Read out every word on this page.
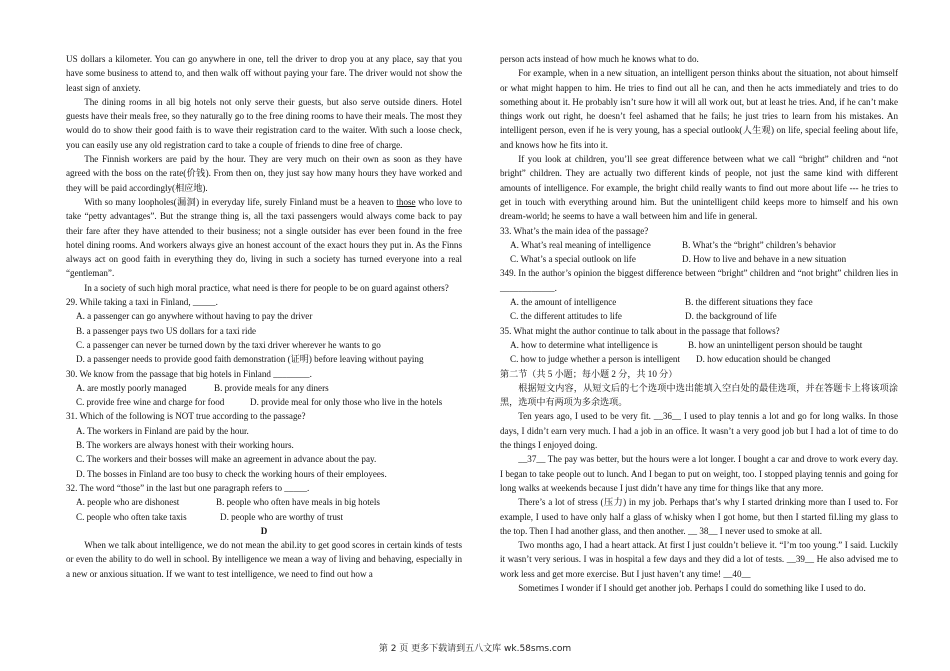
US dollars a kilometer. You can go anywhere in one, tell the driver to drop you at any place, say that you have some business to attend to, and then walk off without paying your fare. The driver would not show the least sign of anxiety.

The dining rooms in all big hotels not only serve their guests, but also serve outside diners. Hotel guests have their meals free, so they naturally go to the free dining rooms to have their meals. The most they would do to show their good faith is to wave their registration card to the waiter. With such a loose check, you can easily use any old registration card to take a couple of friends to dine free of charge.

The Finnish workers are paid by the hour. They are very much on their own as soon as they have agreed with the boss on the rate(价钱). From then on, they just say how many hours they have worked and they will be paid accordingly(相应地).

With so many loopholes(漏洞) in everyday life, surely Finland must be a heaven to those who love to take “petty advantages”. But the strange thing is, all the taxi passengers would always come back to pay their fare after they have attended to their business; not a single outsider has ever been found in the free hotel dining rooms. And workers always give an honest account of the exact hours they put in. As the Finns always act on good faith in everything they do, living in such a society has turned everyone into a real “gentleman”.

In a society of such high moral practice, what need is there for people to be on guard against others?

29. While taking a taxi in Finland, _____.

A. a passenger can go anywhere without having to pay the driver

B. a passenger pays two US dollars for a taxi ride

C. a passenger can never be turned down by the taxi driver wherever he wants to go

D. a passenger needs to provide good faith demonstration (证明) before leaving without paying

30. We know from the passage that big hotels in Finland ________.

A. are mostly poorly managed	B. provide meals for any diners

C. provide free wine and charge for food	D. provide meal for only those who live in the hotels

31. Which of the following is NOT true according to the passage?

A. The workers in Finland are paid by the hour.

B. The workers are always honest with their working hours.

C. The workers and their bosses will make an agreement in advance about the pay.

D. The bosses in Finland are too busy to check the working hours of their employees.

32. The word “those” in the last but one paragraph refers to _____.

A. people who are dishonest	B. people who often have meals in big hotels

C. people who often take taxis	D. people who are worthy of trust

D

When we talk about intelligence, we do not mean the abil.ity to get good scores in certain kinds of tests or even the ability to do well in school. By intelligence we mean a way of living and behaving, especially in a new or anxious situation. If we want to test intelligence, we need to find out how a

person acts instead of how much he knows what to do.

For example, when in a new situation, an intelligent person thinks about the situation, not about himself or what might happen to him. He tries to find out all he can, and then he acts immediately and tries to do something about it. He probably isn’t sure how it will all work out, but at least he tries. And, if he can’t make things work out right, he doesn’t feel ashamed that he fails; he just tries to learn from his mistakes. An intelligent person, even if he is very young, has a special outlook(人生观) on life, special feeling about life, and knows how he fits into it.

If you look at children, you’ll see great difference between what we call “bright” children and “not bright” children. They are actually two different kinds of people, not just the same kind with different amounts of intelligence. For example, the bright child really wants to find out more about life --- he tries to get in touch with everything around him. But the unintelligent child keeps more to himself and his own dream-world; he seems to have a wall between him and life in general.

33. What’s the main idea of the passage?

A. What’s real meaning of intelligence	B. What’s the “bright” children’s behavior

C. What’s a special outlook on life	D. How to live and behave in a new situation

349. In the author’s opinion the biggest difference between “bright” children and “not bright” children lies in ____________.

A. the amount of intelligence	B. the different situations they face

C. the different attitudes to life	D. the background of life

35. What might the author continue to talk about in the passage that follows?

A. how to determine what intelligence is	B. how an unintelligent person should be taught

C. how to judge whether a person is intelligent	D. how education should be changed

第二节（共 5 小题；每小题 2 分，共 10 分）

根据短文内容，从短文后的七个选项中选出能填入空白处的最佳选项，并在答题卡上将该项涂黑，选项中有两项为多余选项。

Ten years ago, I used to be very fit. __36__ I used to play tennis a lot and go for long walks. In those days, I didn’t earn very much. I had a job in an office. It wasn’t a very good job but I had a lot of time to do the things I enjoyed doing.

__37__ The pay was better, but the hours were a lot longer. I bought a car and drove to work every day. I began to take people out to lunch. And I began to put on weight, too. I stopped playing tennis and going for long walks at weekends because I just didn’t have any time for things like that any more.

There’s a lot of stress (压力) in my job. Perhaps that’s why I started drinking more than I used to. For example, I used to have only half a glass of w.hisky when I got home, but then I started fil.ling my glass to the top. Then I had another glass, and then another. __ 38__ I never used to smoke at all.

Two months ago, I had a heart attack. At first I just couldn’t believe it. “I’m too young.” I said. Luckily it wasn’t very serious. I was in hospital a few days and they did a lot of tests. __39__ He also advised me to work less and get more exercise. But I just haven’t any time! __40__

Sometimes I wonder if I should get another job. Perhaps I could do something like I used to do.

第 2 页 更多下载请到五八文库 wk.58sms.com
